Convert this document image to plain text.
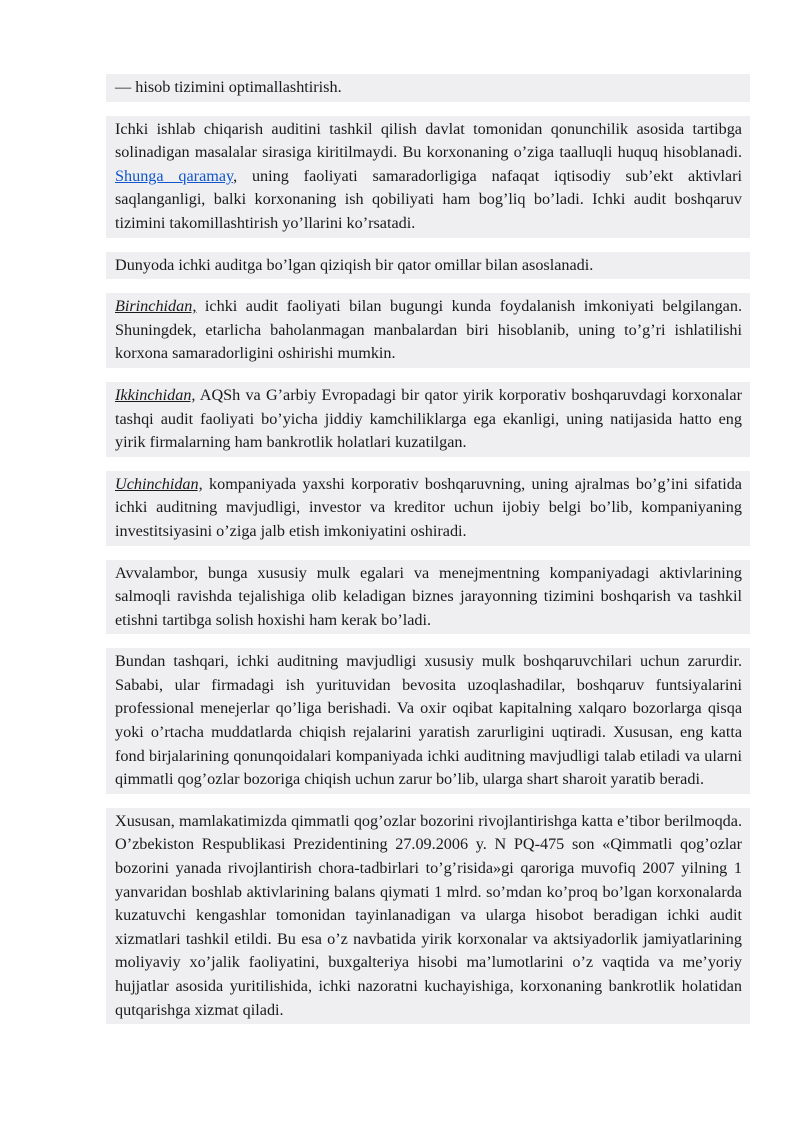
— hisob tizimini optimallashtirish.

Ichki ishlab chiqarish auditini tashkil qilish davlat tomonidan qonunchilik asosida tartibga solinadigan masalalar sirasiga kiritilmaydi. Bu korxonaning o’ziga taalluqli huquq hisoblanadi. Shunga qaramay, uning faoliyati samaradorligiga nafaqat iqtisodiy sub’ekt aktivlari saqlanganligi, balki korxonaning ish qobiliyati ham bog’liq bo’ladi. Ichki audit boshqaruv tizimini takomillashtirish yo’llarini ko’rsatadi.

Dunyoda ichki auditga bo’lgan qiziqish bir qator omillar bilan asoslanadi.

Birinchidan, ichki audit faoliyati bilan bugungi kunda foydalanish imkoniyati belgilangan. Shuningdek, etarlicha baholanmagan manbalardan biri hisoblanib, uning to’g’ri ishlatilishi korxona samaradorligini oshirishi mumkin.

Ikkinchidan, AQSh va G’arbiy Evropadagi bir qator yirik korporativ boshqaruvdagi korxonalar tashqi audit faoliyati bo’yicha jiddiy kamchiliklarga ega ekanligi, uning natijasida hatto eng yirik firmalarning ham bankrotlik holatlari kuzatilgan.

Uchinchidan, kompaniyada yaxshi korporativ boshqaruvning, uning ajralmas bo’g’ini sifatida ichki auditning mavjudligi, investor va kreditor uchun ijobiy belgi bo’lib, kompaniyaning investitsiyasini o’ziga jalb etish imkoniyatini oshiradi.

Avvalambor, bunga xususiy mulk egalari va menejmentning kompaniyadagi aktivlarining salmoqli ravishda tejalishiga olib keladigan biznes jarayonning tizimini boshqarish va tashkil etishni tartibga solish hoxishi ham kerak bo’ladi.

Bundan tashqari, ichki auditning mavjudligi xususiy mulk boshqaruvchilari uchun zarurdir. Sababi, ular firmadagi ish yurituvidan bevosita uzoqlashadilar, boshqaruv funtsiyalarini professional menejerlar qo’liga berishadi. Va oxir oqibat kapitalning xalqaro bozorlarga qisqa yoki o’rtacha muddatlarda chiqish rejalarini yaratish zarurligini uqtiradi. Xususan, eng katta fond birjalarining qonunqoidalari kompaniyada ichki auditning mavjudligi talab etiladi va ularni qimmatli qog’ozlar bozoriga chiqish uchun zarur bo’lib, ularga shart sharoit yaratib beradi.

Xususan, mamlakatimizda qimmatli qog’ozlar bozorini rivojlantirishga katta e’tibor berilmoqda. O’zbekiston Respublikasi Prezidentining 27.09.2006 y. N PQ-475 son «Qimmatli qog’ozlar bozorini yanada rivojlantirish chora-tadbirlari to’g’risida»gi qaroriga muvofiq 2007 yilning 1 yanvaridan boshlab aktivlarining balans qiymati 1 mlrd. so’mdan ko’proq bo’lgan korxonalarda kuzatuvchi kengashlar tomonidan tayinlanadigan va ularga hisobot beradigan ichki audit xizmatlari tashkil etildi. Bu esa o’z navbatida yirik korxonalar va aktsiyadorlik jamiyatlarining moliyaviy xo’jalik faoliyatini, buxgalteriya hisobi ma’lumotlarini o’z vaqtida va me’yoriy hujjatlar asosida yuritilishida, ichki nazoratni kuchayishiga, korxonaning bankrotlik holatidan qutqarishga xizmat qiladi.
